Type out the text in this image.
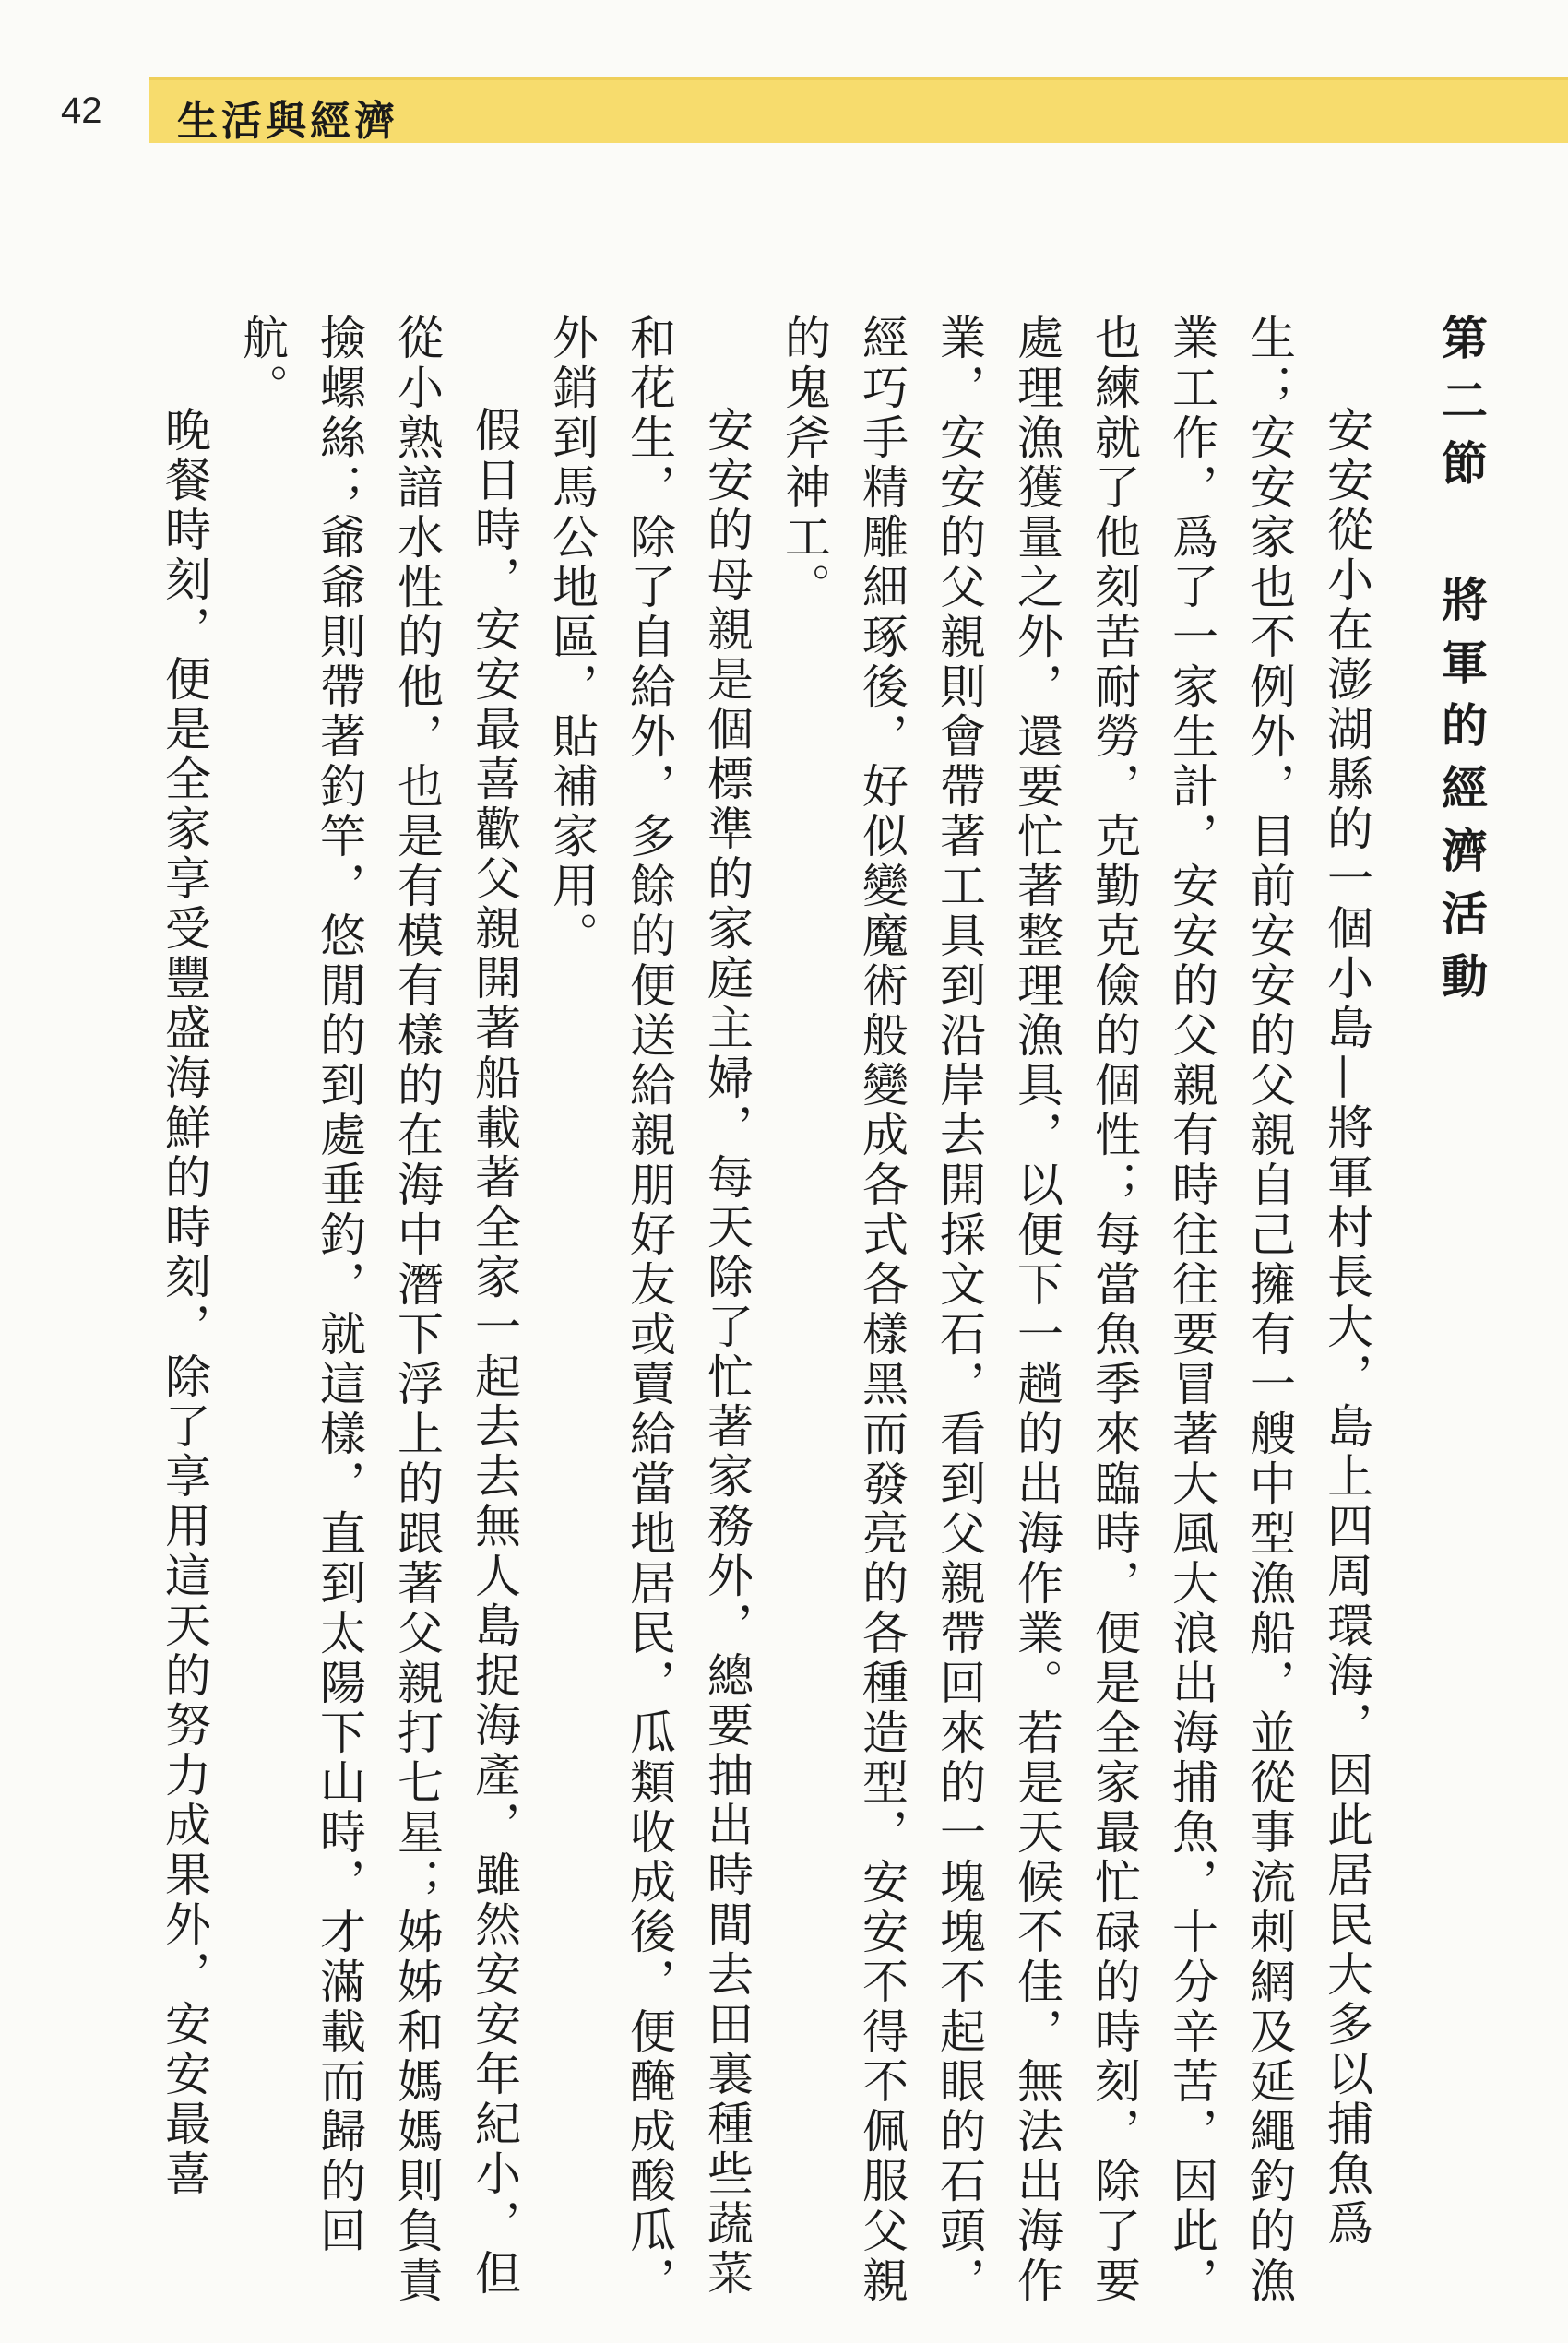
42 生活與經濟
第二節將軍的經濟活動

安安從小在澎湖縣的一個小島—將軍村長大，島上四周環海，因此居民大多以捕魚爲生；安安家也不例外，目前安安的父親自己擁有一艘中型漁船，並從事流刺網及延繩釣的漁業工作，爲了一家生計，安安的父親有時往往要冒著大風大浪出海捕魚，十分辛苦，因此，也練就了他刻苦耐勞，克勤克儉的個性；每當魚季來臨時，便是全家最忙碌的時刻，除了要處理漁獲量之外，還要忙著整理漁具，以便下一趟的出海作業。若是天候不佳，無法出海作業，安安的父親則會帶著工具到沿岸去開採文石，看到父親帶回來的一塊塊不起眼的石頭，經巧手精雕細琢後，好似變魔術般變成各式各樣黑而發亮的各種造型，安安不得不佩服父親的鬼斧神工。

安安的母親是個標準的家庭主婦，每天除了忙著家務外，總要抽出時間去田裏種些蔬菜和花生，除了自給外，多餘的便送給親朋好友或賣給當地居民，瓜類收成後，便醃成酸瓜，外銷到馬公地區，貼補家用。

假日時，安安最喜歡父親開著船載著全家一起去去無人島捉海產，雖然安安年紀小，但從小熟諳水性的他，也是有模有樣的在海中潛下浮上的跟著父親打七星；姊姊和媽媽則負責撿螺絲；爺爺則帶著釣竿，悠閒的到處垂釣，就這樣，直到太陽下山時，才滿載而歸的回航。

晚餐時刻，便是全家享受豐盛海鮮的時刻，除了享用這天的努力成果外，安安最喜
